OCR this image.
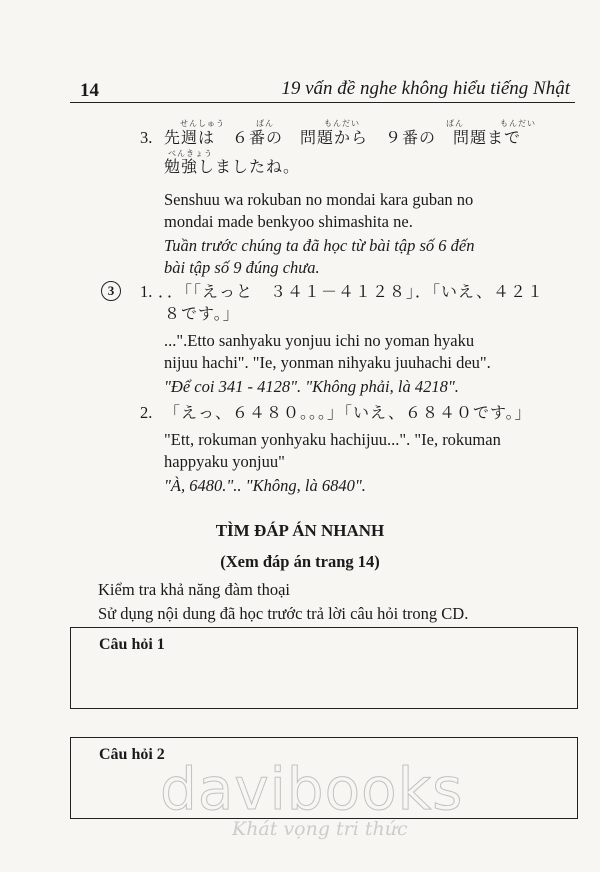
14	19 vấn đề nghe không hiểu tiếng Nhật
せんしゅう	ばん	もんだい	ばん	もんだい
3. 先週は　６番の　問題から　９番の　問題まで
べんきょう
勉強しましたね。
Senshuu wa rokuban no mondai kara guban no
mondai made benkyoo shimashita ne.
Tuần trước chúng ta đã học từ bài tập số 6 đến
bài tập số 9 đúng chưa.
3	1. ．．「「えっと　３４１－４１２８」．「いえ、４２１
８です。」
...".Etto sanhyaku yonjuu ichi no yoman hyaku
nijuu hachi". "Ie, yonman nihyaku juuhachi deu".
"Để coi 341 - 4128". "Không phải, là 4218".
2. 「えっ、６４８０。。。」「いえ、６８４０です。」
"Ett, rokuman yonhyaku hachijuu...". "Ie, rokuman
happyaku yonjuu"
"À, 6480.".. "Không, là 6840".
TÌM ĐÁP ÁN NHANH
(Xem đáp án trang 14)
Kiểm tra khả năng đàm thoại
Sử dụng nội dung đã học trước trả lời câu hỏi trong CD.
Câu hỏi 1
Câu hỏi 2
davibooks
Khát vọng tri thức
